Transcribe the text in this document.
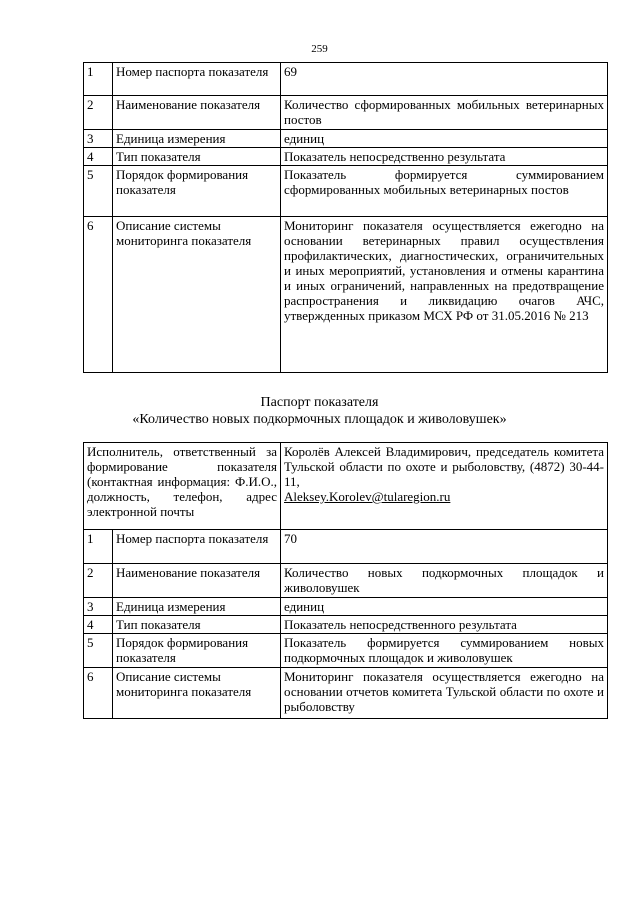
259
1	Номер паспорта показателя	69
2	Наименование показателя	Количество сформированных мобильных ветеринарных постов
3	Единица измерения	единиц
4	Тип показателя	Показатель непосредственно результата
5	Порядок формирования показателя	Показатель формируется суммированием сформированных мобильных ветеринарных постов
6	Описание системы мониторинга показателя	Мониторинг показателя осуществляется ежегодно на основании ветеринарных правил осуществления профилактических, диагностических, ограничительных и иных мероприятий, установления и отмены карантина и иных ограничений, направленных на предотвращение распространения и ликвидацию очагов АЧС, утвержденных приказом МСХ РФ от 31.05.2016 № 213
Паспорт показателя
«Количество новых подкормочных площадок и живоловушек»
Исполнитель, ответственный за формирование показателя (контактная информация: Ф.И.О., должность, телефон, адрес электронной почты		Королёв Алексей Владимирович, председатель комитета Тульской области по охоте и рыболовству, (4872) 30-44-11,
Aleksey.Korolev@tularegion.ru
1	Номер паспорта показателя	70
2	Наименование показателя	Количество новых подкормочных площадок и живоловушек
3	Единица измерения	единиц
4	Тип показателя	Показатель непосредственного результата
5	Порядок формирования показателя	Показатель формируется суммированием новых подкормочных площадок и живоловушек
6	Описание системы мониторинга показателя	Мониторинг показателя осуществляется ежегодно на основании отчетов комитета Тульской области по охоте и рыболовству
